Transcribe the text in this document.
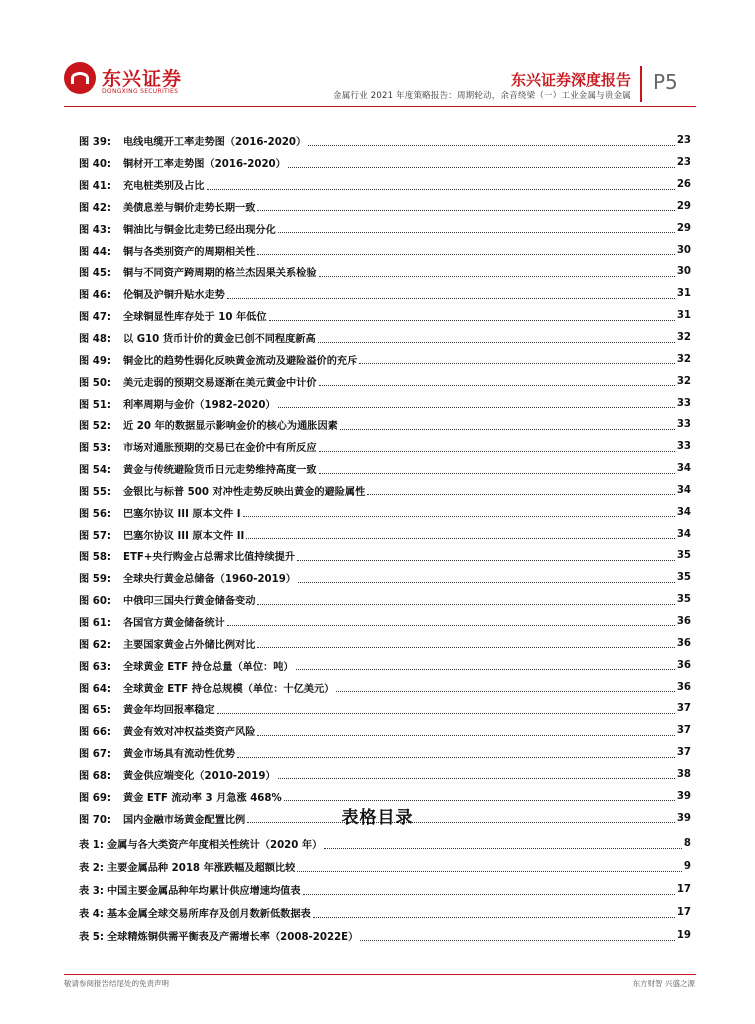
东兴证券
DONGXING SECURITIES
东兴证券深度报告
金属行业 2021 年度策略报告：周期轮动，余音绕梁（一）工业金属与贵金属
P5
图 39:	电线电缆开工率走势图（2016-2020）	23
图 40:	铜材开工率走势图（2016-2020）	23
图 41:	充电桩类别及占比	26
图 42:	美债息差与铜价走势长期一致	29
图 43:	铜油比与铜金比走势已经出现分化	29
图 44:	铜与各类别资产的周期相关性	30
图 45:	铜与不同资产跨周期的格兰杰因果关系检验	30
图 46:	伦铜及沪铜升贴水走势	31
图 47:	全球铜显性库存处于 10 年低位	31
图 48:	以 G10 货币计价的黄金已创不同程度新高	32
图 49:	铜金比的趋势性弱化反映黄金流动及避险溢价的充斥	32
图 50:	美元走弱的预期交易逐渐在美元黄金中计价	32
图 51:	利率周期与金价（1982-2020）	33
图 52:	近 20 年的数据显示影响金价的核心为通胀因素	33
图 53:	市场对通胀预期的交易已在金价中有所反应	33
图 54:	黄金与传统避险货币日元走势维持高度一致	34
图 55:	金银比与标普 500 对冲性走势反映出黄金的避险属性	34
图 56:	巴塞尔协议 III 原本文件 I	34
图 57:	巴塞尔协议 III 原本文件 II	34
图 58:	ETF+央行购金占总需求比值持续提升	35
图 59:	全球央行黄金总储备（1960-2019）	35
图 60:	中俄印三国央行黄金储备变动	35
图 61:	各国官方黄金储备统计	36
图 62:	主要国家黄金占外储比例对比	36
图 63:	全球黄金 ETF 持仓总量（单位：吨）	36
图 64:	全球黄金 ETF 持仓总规模（单位：十亿美元）	36
图 65:	黄金年均回报率稳定	37
图 66:	黄金有效对冲权益类资产风险	37
图 67:	黄金市场具有流动性优势	37
图 68:	黄金供应端变化（2010-2019）	38
图 69:	黄金 ETF 流动率 3 月急涨 468%	39
图 70:	国内金融市场黄金配置比例	39
表格目录
表 1: 金属与各大类资产年度相关性统计（2020 年）	8
表 2: 主要金属品种 2018 年涨跌幅及超额比较	9
表 3: 中国主要金属品种年均累计供应增速均值表	17
表 4: 基本金属全球交易所库存及创月数新低数据表	17
表 5: 全球精炼铜供需平衡表及产需增长率（2008-2022E）	19
敬请参阅报告结尾处的免责声明	东方财智 兴盛之源
